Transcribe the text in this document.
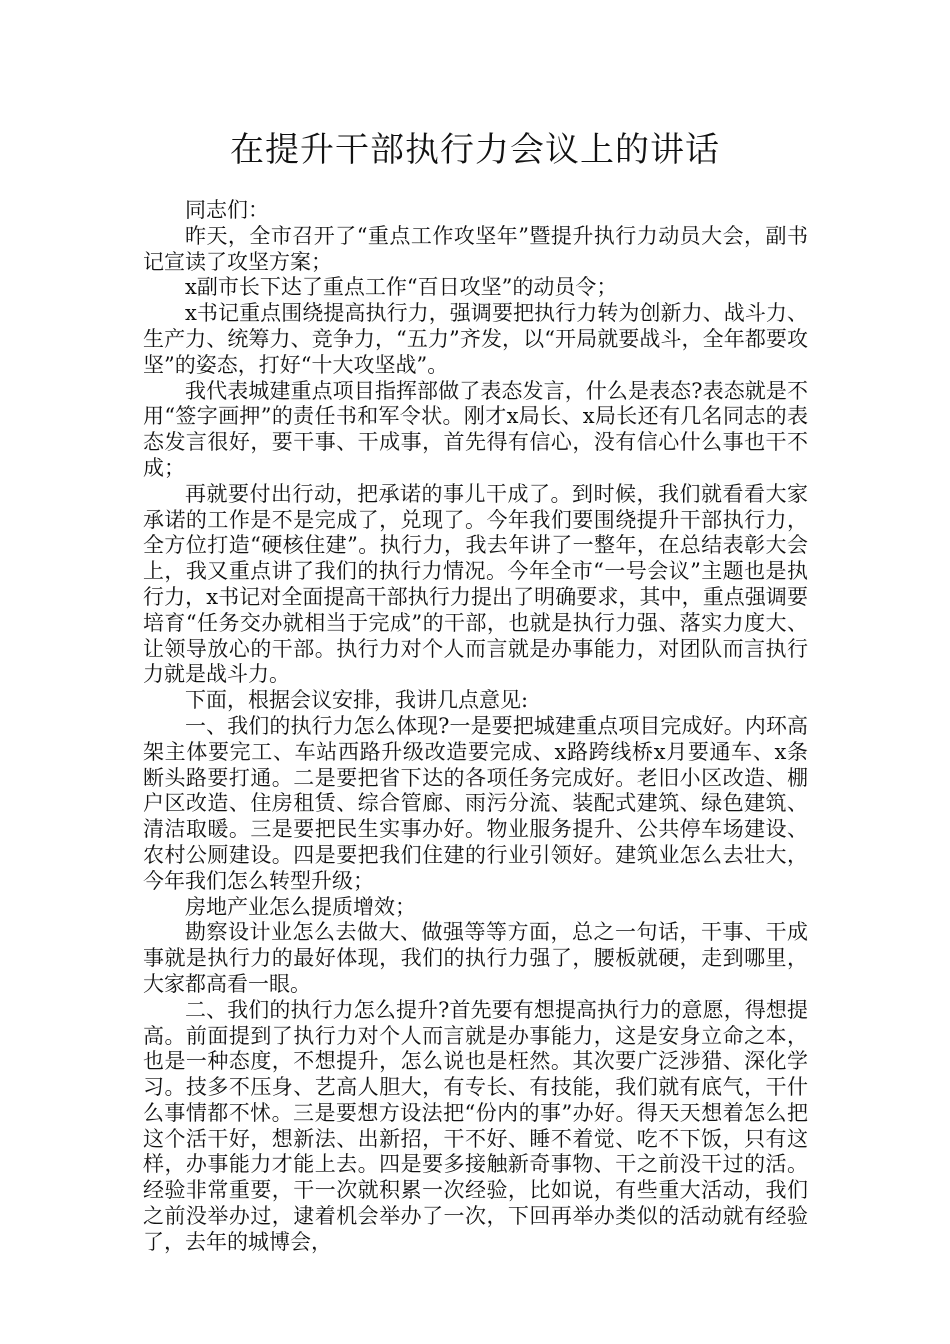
在提升干部执行力会议上的讲话

同志们：

昨天，全市召开了“重点工作攻坚年”暨提升执行力动员大会，副书记宣读了攻坚方案；

x副市长下达了重点工作“百日攻坚”的动员令；

x书记重点围绕提高执行力，强调要把执行力转为创新力、战斗力、生产力、统筹力、竞争力，“五力”齐发，以“开局就要战斗，全年都要攻坚”的姿态，打好“十大攻坚战”。

我代表城建重点项目指挥部做了表态发言，什么是表态?表态就是不用“签字画押”的责任书和军令状。刚才x局长、x局长还有几名同志的表态发言很好，要干事、干成事，首先得有信心，没有信心什么事也干不成；

再就要付出行动，把承诺的事儿干成了。到时候，我们就看看大家承诺的工作是不是完成了，兑现了。今年我们要围绕提升干部执行力，全方位打造“硬核住建”。执行力，我去年讲了一整年，在总结表彰大会上，我又重点讲了我们的执行力情况。今年全市“一号会议”主题也是执行力，x书记对全面提高干部执行力提出了明确要求，其中，重点强调要培育“任务交办就相当于完成”的干部，也就是执行力强、落实力度大、让领导放心的干部。执行力对个人而言就是办事能力，对团队而言执行力就是战斗力。

下面，根据会议安排，我讲几点意见:

一、我们的执行力怎么体现?一是要把城建重点项目完成好。内环高架主体要完工、车站西路升级改造要完成、x路跨线桥x月要通车、x条断头路要打通。二是要把省下达的各项任务完成好。老旧小区改造、棚户区改造、住房租赁、综合管廊、雨污分流、装配式建筑、绿色建筑、清洁取暖。三是要把民生实事办好。物业服务提升、公共停车场建设、农村公厕建设。四是要把我们住建的行业引领好。建筑业怎么去壮大，今年我们怎么转型升级；

房地产业怎么提质增效；

勘察设计业怎么去做大、做强等等方面，总之一句话，干事、干成事就是执行力的最好体现，我们的执行力强了，腰板就硬，走到哪里，大家都高看一眼。

二、我们的执行力怎么提升?首先要有想提高执行力的意愿，得想提高。前面提到了执行力对个人而言就是办事能力，这是安身立命之本，也是一种态度，不想提升，怎么说也是枉然。其次要广泛涉猎、深化学习。技多不压身、艺高人胆大，有专长、有技能，我们就有底气，干什么事情都不怵。三是要想方设法把“份内的事”办好。得天天想着怎么把这个活干好，想新法、出新招，干不好、睡不着觉、吃不下饭，只有这样，办事能力才能上去。四是要多接触新奇事物、干之前没干过的活。经验非常重要，干一次就积累一次经验，比如说，有些重大活动，我们之前没举办过，逮着机会举办了一次，下回再举办类似的活动就有经验了，去年的城博会，
